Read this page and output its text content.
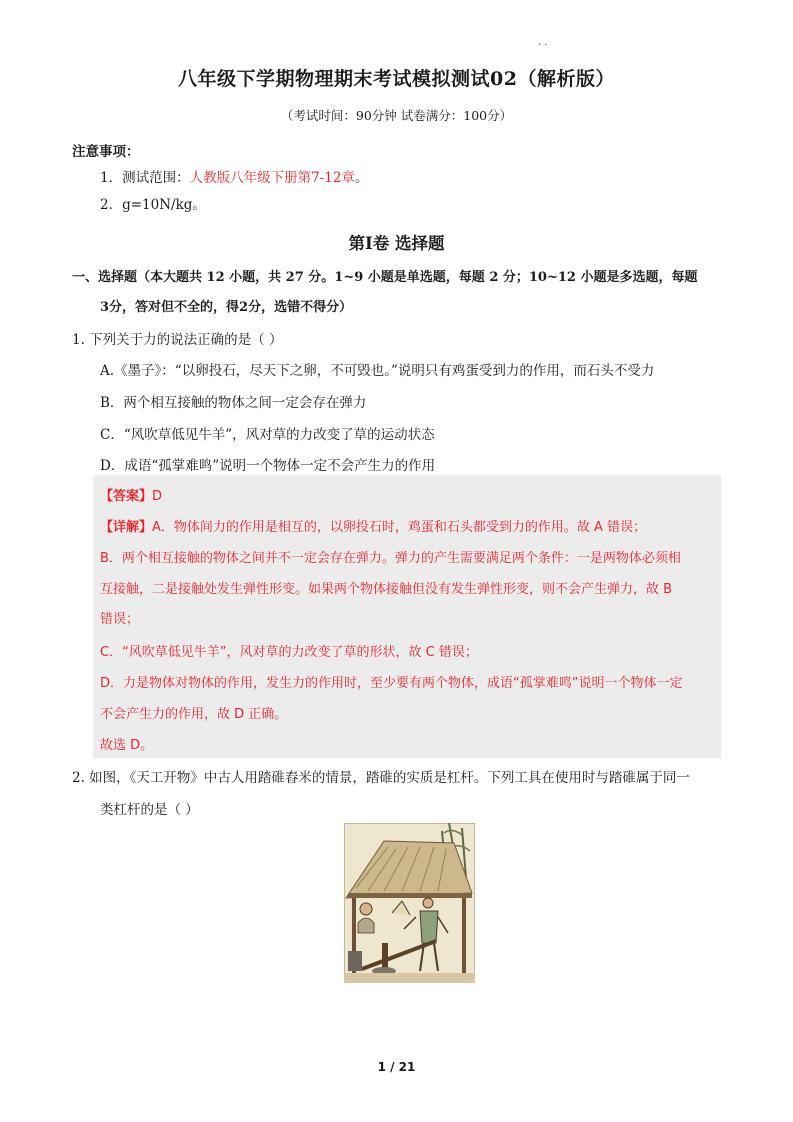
· ·
八年级下学期物理期末考试模拟测试02（解析版）
（考试时间：90分钟 试卷满分：100分）
注意事项：
1．测试范围：人教版八年级下册第7-12章。
2．g=10N/kg。
第Ⅰ卷 选择题
一、选择题（本大题共 12 小题，共 27 分。1~9 小题是单选题，每题 2 分；10~12 小题是多选题，每题
3分，答对但不全的，得2分，选错不得分）
1. 下列关于力的说法正确的是（ ）
A.《墨子》：“以卵投石，尽天下之卵，不可毁也。”说明只有鸡蛋受到力的作用，而石头不受力
B．两个相互接触的物体之间一定会存在弹力
C．“风吹草低见牛羊”，风对草的力改变了草的运动状态
D．成语“孤掌难鸣”说明一个物体一定不会产生力的作用
【答案】D
【详解】A．物体间力的作用是相互的，以卵投石时，鸡蛋和石头都受到力的作用。故 A 错误；
B．两个相互接触的物体之间并不一定会存在弹力。弹力的产生需要满足两个条件：一是两物体必须相
互接触，二是接触处发生弹性形变。如果两个物体接触但没有发生弹性形变，则不会产生弹力，故 B
错误；
C．“风吹草低见牛羊”，风对草的力改变了草的形状，故 C 错误；
D．力是物体对物体的作用，发生力的作用时，至少要有两个物体，成语“孤掌难鸣”说明一个物体一定
不会产生力的作用，故 D 正确。
故选 D。
2. 如图，《天工开物》中古人用踏碓舂米的情景，踏碓的实质是杠杆。下列工具在使用时与踏碓属于同一
类杠杆的是（ ）
1 / 21
